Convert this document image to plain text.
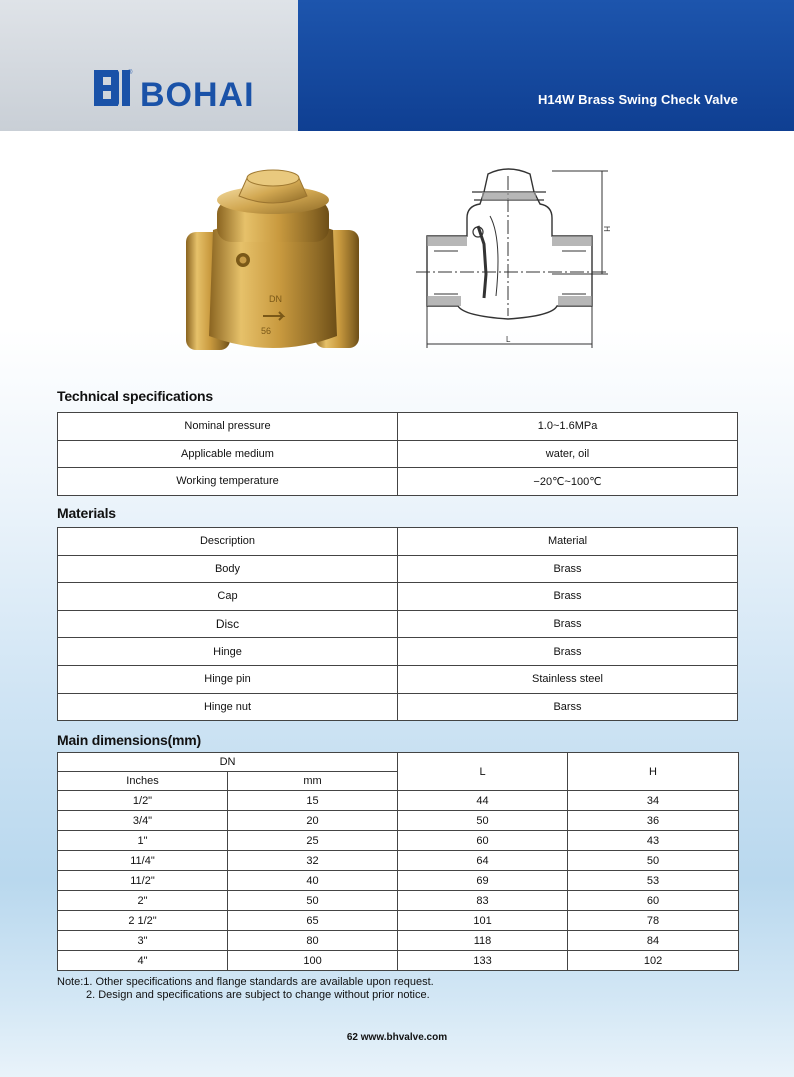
®
BOHAI	H14W Brass Swing Check Valve
DN
56
H
L
Technical specifications
Nominal pressure	1.0~1.6MPa
Applicable medium	water, oil
Working temperature	−20℃~100℃
Materials
Description	Material
Body	Brass
Cap	Brass
Disc	Brass
Hinge	Brass
Hinge pin	Stainless steel
Hinge nut	Barss
Main dimensions(mm)
DN		L	H
Inches	mm		
1/2"	15	44	34
3/4"	20	50	36
1"	25	60	43
11/4"	32	64	50
11/2"	40	69	53
2"	50	83	60
2 1/2"	65	101	78
3"	80	118	84
4"	100	133	102
Note:1. Other specifications and flange standards are available upon request.
2. Design and specifications are subject to change without prior notice.
62 www.bhvalve.com
